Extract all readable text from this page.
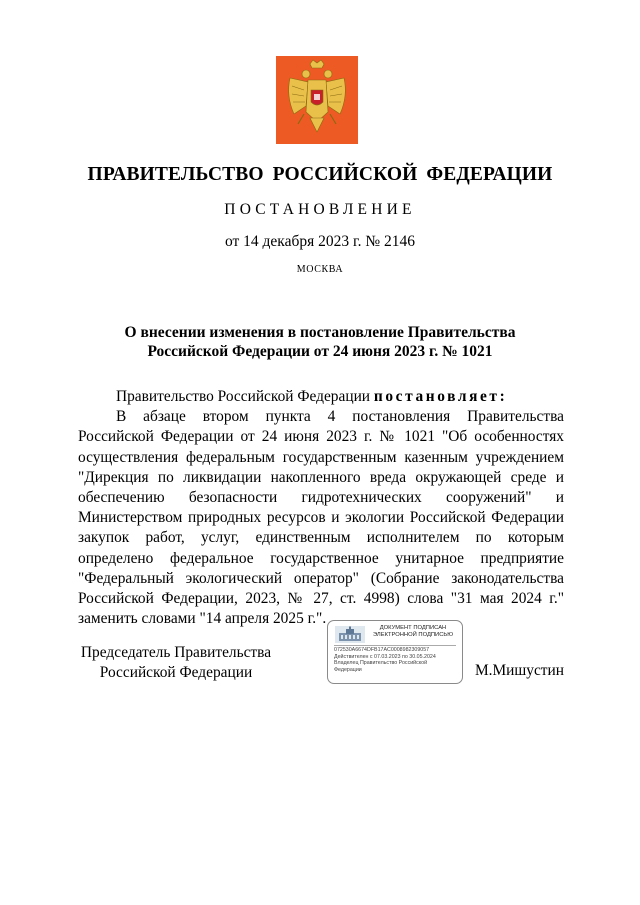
ПРАВИТЕЛЬСТВО РОССИЙСКОЙ ФЕДЕРАЦИИ
ПОСТАНОВЛЕНИЕ
от 14 декабря 2023 г. № 2146
МОСКВА
О внесении изменения в постановление Правительства
Российской Федерации от 24 июня 2023 г. № 1021

Правительство Российской Федерации постановляет:

В абзаце втором пункта 4 постановления Правительства Российской Федерации от 24 июня 2023 г. № 1021 "Об особенностях осуществления федеральным государственным казенным учреждением "Дирекция по ликвидации накопленного вреда окружающей среде и обеспечению безопасности гидротехнических сооружений" и Министерством природных ресурсов и экологии Российской Федерации закупок работ, услуг, единственным исполнителем по которым определено федеральное государственное унитарное предприятие "Федеральный экологический оператор" (Собрание законодательства Российской Федерации, 2023, № 27, ст. 4998) слова "31 мая 2024 г." заменить словами "14 апреля 2025 г.".

Председатель Правительства
Российской Федерации
ДОКУМЕНТ ПОДПИСАН
ЭЛЕКТРОННОЙ ПОДПИСЬЮ
072530A6674DFB17AC0008982309057
Действителен с 07.03.2023 по 30.05.2024
Владелец Правительство Российской
Федерации	М.Мишустин
